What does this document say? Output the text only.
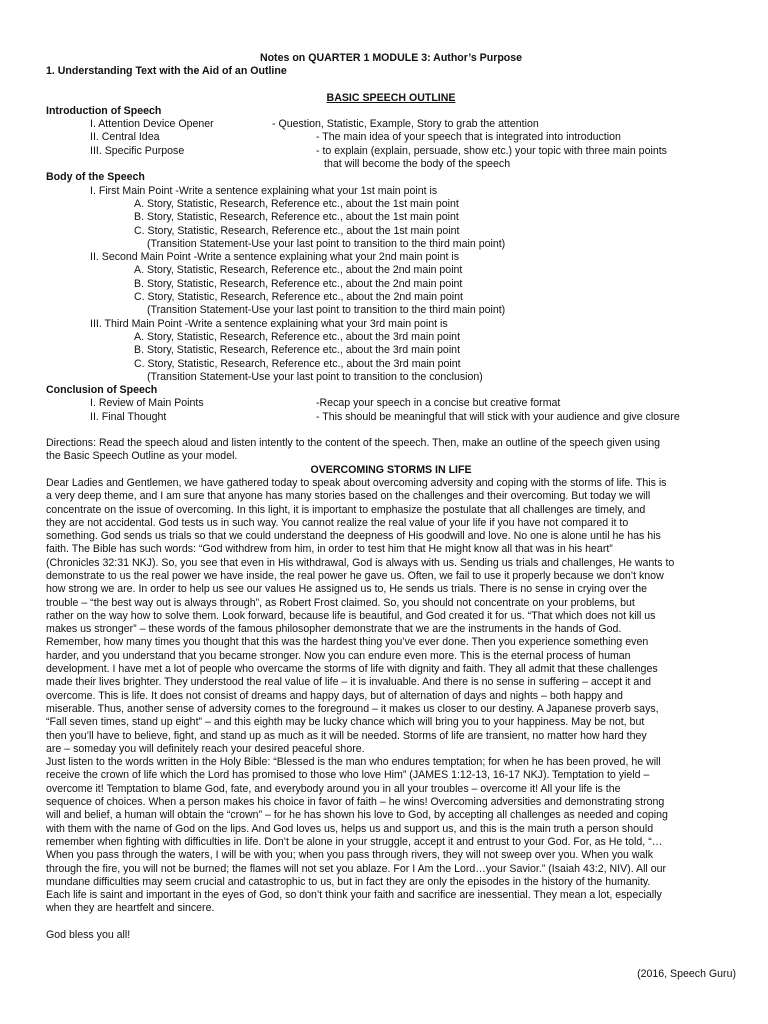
Notes on QUARTER 1 MODULE 3: Author’s Purpose
1. Understanding Text with the Aid of an Outline
BASIC SPEECH OUTLINE
Introduction of Speech
I. Attention Device Opener	- Question, Statistic, Example, Story to grab the attention
II. Central Idea	- The main idea of your speech that is integrated into introduction
III. Specific Purpose	- to explain (explain, persuade, show etc.) your topic with three main points
that will become the body of the speech
Body of the Speech
I. First Main Point -Write a sentence explaining what your 1st main point is
A. Story, Statistic, Research, Reference etc., about the 1st main point
B. Story, Statistic, Research, Reference etc., about the 1st main point
C. Story, Statistic, Research, Reference etc., about the 1st main point
(Transition Statement-Use your last point to transition to the third main point)
II. Second Main Point -Write a sentence explaining what your 2nd main point is
A. Story, Statistic, Research, Reference etc., about the 2nd main point
B. Story, Statistic, Research, Reference etc., about the 2nd main point
C. Story, Statistic, Research, Reference etc., about the 2nd main point
(Transition Statement-Use your last point to transition to the third main point)
III. Third Main Point -Write a sentence explaining what your 3rd main point is
A. Story, Statistic, Research, Reference etc., about the 3rd main point
B. Story, Statistic, Research, Reference etc., about the 3rd main point
C. Story, Statistic, Research, Reference etc., about the 3rd main point
(Transition Statement-Use your last point to transition to the conclusion)
Conclusion of Speech
I. Review of Main Points	-Recap your speech in a concise but creative format
II. Final Thought	- This should be meaningful that will stick with your audience and give closure
Directions: Read the speech aloud and listen intently to the content of the speech. Then, make an outline of the speech given using
the Basic Speech Outline as your model.
OVERCOMING STORMS IN LIFE
Dear Ladies and Gentlemen, we have gathered today to speak about overcoming adversity and coping with the storms of life. This is
a very deep theme, and I am sure that anyone has many stories based on the challenges and their overcoming. But today we will
concentrate on the issue of overcoming. In this light, it is important to emphasize the postulate that all challenges are timely, and
they are not accidental. God tests us in such way. You cannot realize the real value of your life if you have not compared it to
something. God sends us trials so that we could understand the deepness of His goodwill and love. No one is alone until he has his
faith. The Bible has such words: “God withdrew from him, in order to test him that He might know all that was in his heart”
(Chronicles 32:31 NKJ). So, you see that even in His withdrawal, God is always with us. Sending us trials and challenges, He wants to
demonstrate to us the real power we have inside, the real power he gave us. Often, we fail to use it properly because we don’t know
how strong we are. In order to help us see our values He assigned us to, He sends us trials. There is no sense in crying over the
trouble – “the best way out is always through”, as Robert Frost claimed. So, you should not concentrate on your problems, but
rather on the way how to solve them. Look forward, because life is beautiful, and God created it for us. “That which does not kill us
makes us stronger” – these words of the famous philosopher demonstrate that we are the instruments in the hands of God.
Remember, how many times you thought that this was the hardest thing you’ve ever done. Then you experience something even
harder, and you understand that you became stronger. Now you can endure even more. This is the eternal process of human
development. I have met a lot of people who overcame the storms of life with dignity and faith. They all admit that these challenges
made their lives brighter. They understood the real value of life – it is invaluable. And there is no sense in suffering – accept it and
overcome. This is life. It does not consist of dreams and happy days, but of alternation of days and nights – both happy and
miserable. Thus, another sense of adversity comes to the foreground – it makes us closer to our destiny. A Japanese proverb says,
“Fall seven times, stand up eight” – and this eighth may be lucky chance which will bring you to your happiness. May be not, but
then you’ll have to believe, fight, and stand up as much as it will be needed. Storms of life are transient, no matter how hard they
are – someday you will definitely reach your desired peaceful shore.
Just listen to the words written in the Holy Bible: “Blessed is the man who endures temptation; for when he has been proved, he will
receive the crown of life which the Lord has promised to those who love Him” (JAMES 1:12-13, 16-17 NKJ). Temptation to yield –
overcome it! Temptation to blame God, fate, and everybody around you in all your troubles – overcome it! All your life is the
sequence of choices. When a person makes his choice in favor of faith – he wins! Overcoming adversities and demonstrating strong
will and belief, a human will obtain the “crown” – for he has shown his love to God, by accepting all challenges as needed and coping
with them with the name of God on the lips. And God loves us, helps us and support us, and this is the main truth a person should
remember when fighting with difficulties in life. Don’t be alone in your struggle, accept it and entrust to your God. For, as He told, “…
When you pass through the waters, I will be with you; when you pass through rivers, they will not sweep over you. When you walk
through the fire, you will not be burned; the flames will not set you ablaze. For I Am the Lord…your Savior.” (Isaiah 43:2, NIV). All our
mundane difficulties may seem crucial and catastrophic to us, but in fact they are only the episodes in the history of the humanity.
Each life is saint and important in the eyes of God, so don’t think your faith and sacrifice are inessential. They mean a lot, especially
when they are heartfelt and sincere.
God bless you all!
(2016, Speech Guru)
